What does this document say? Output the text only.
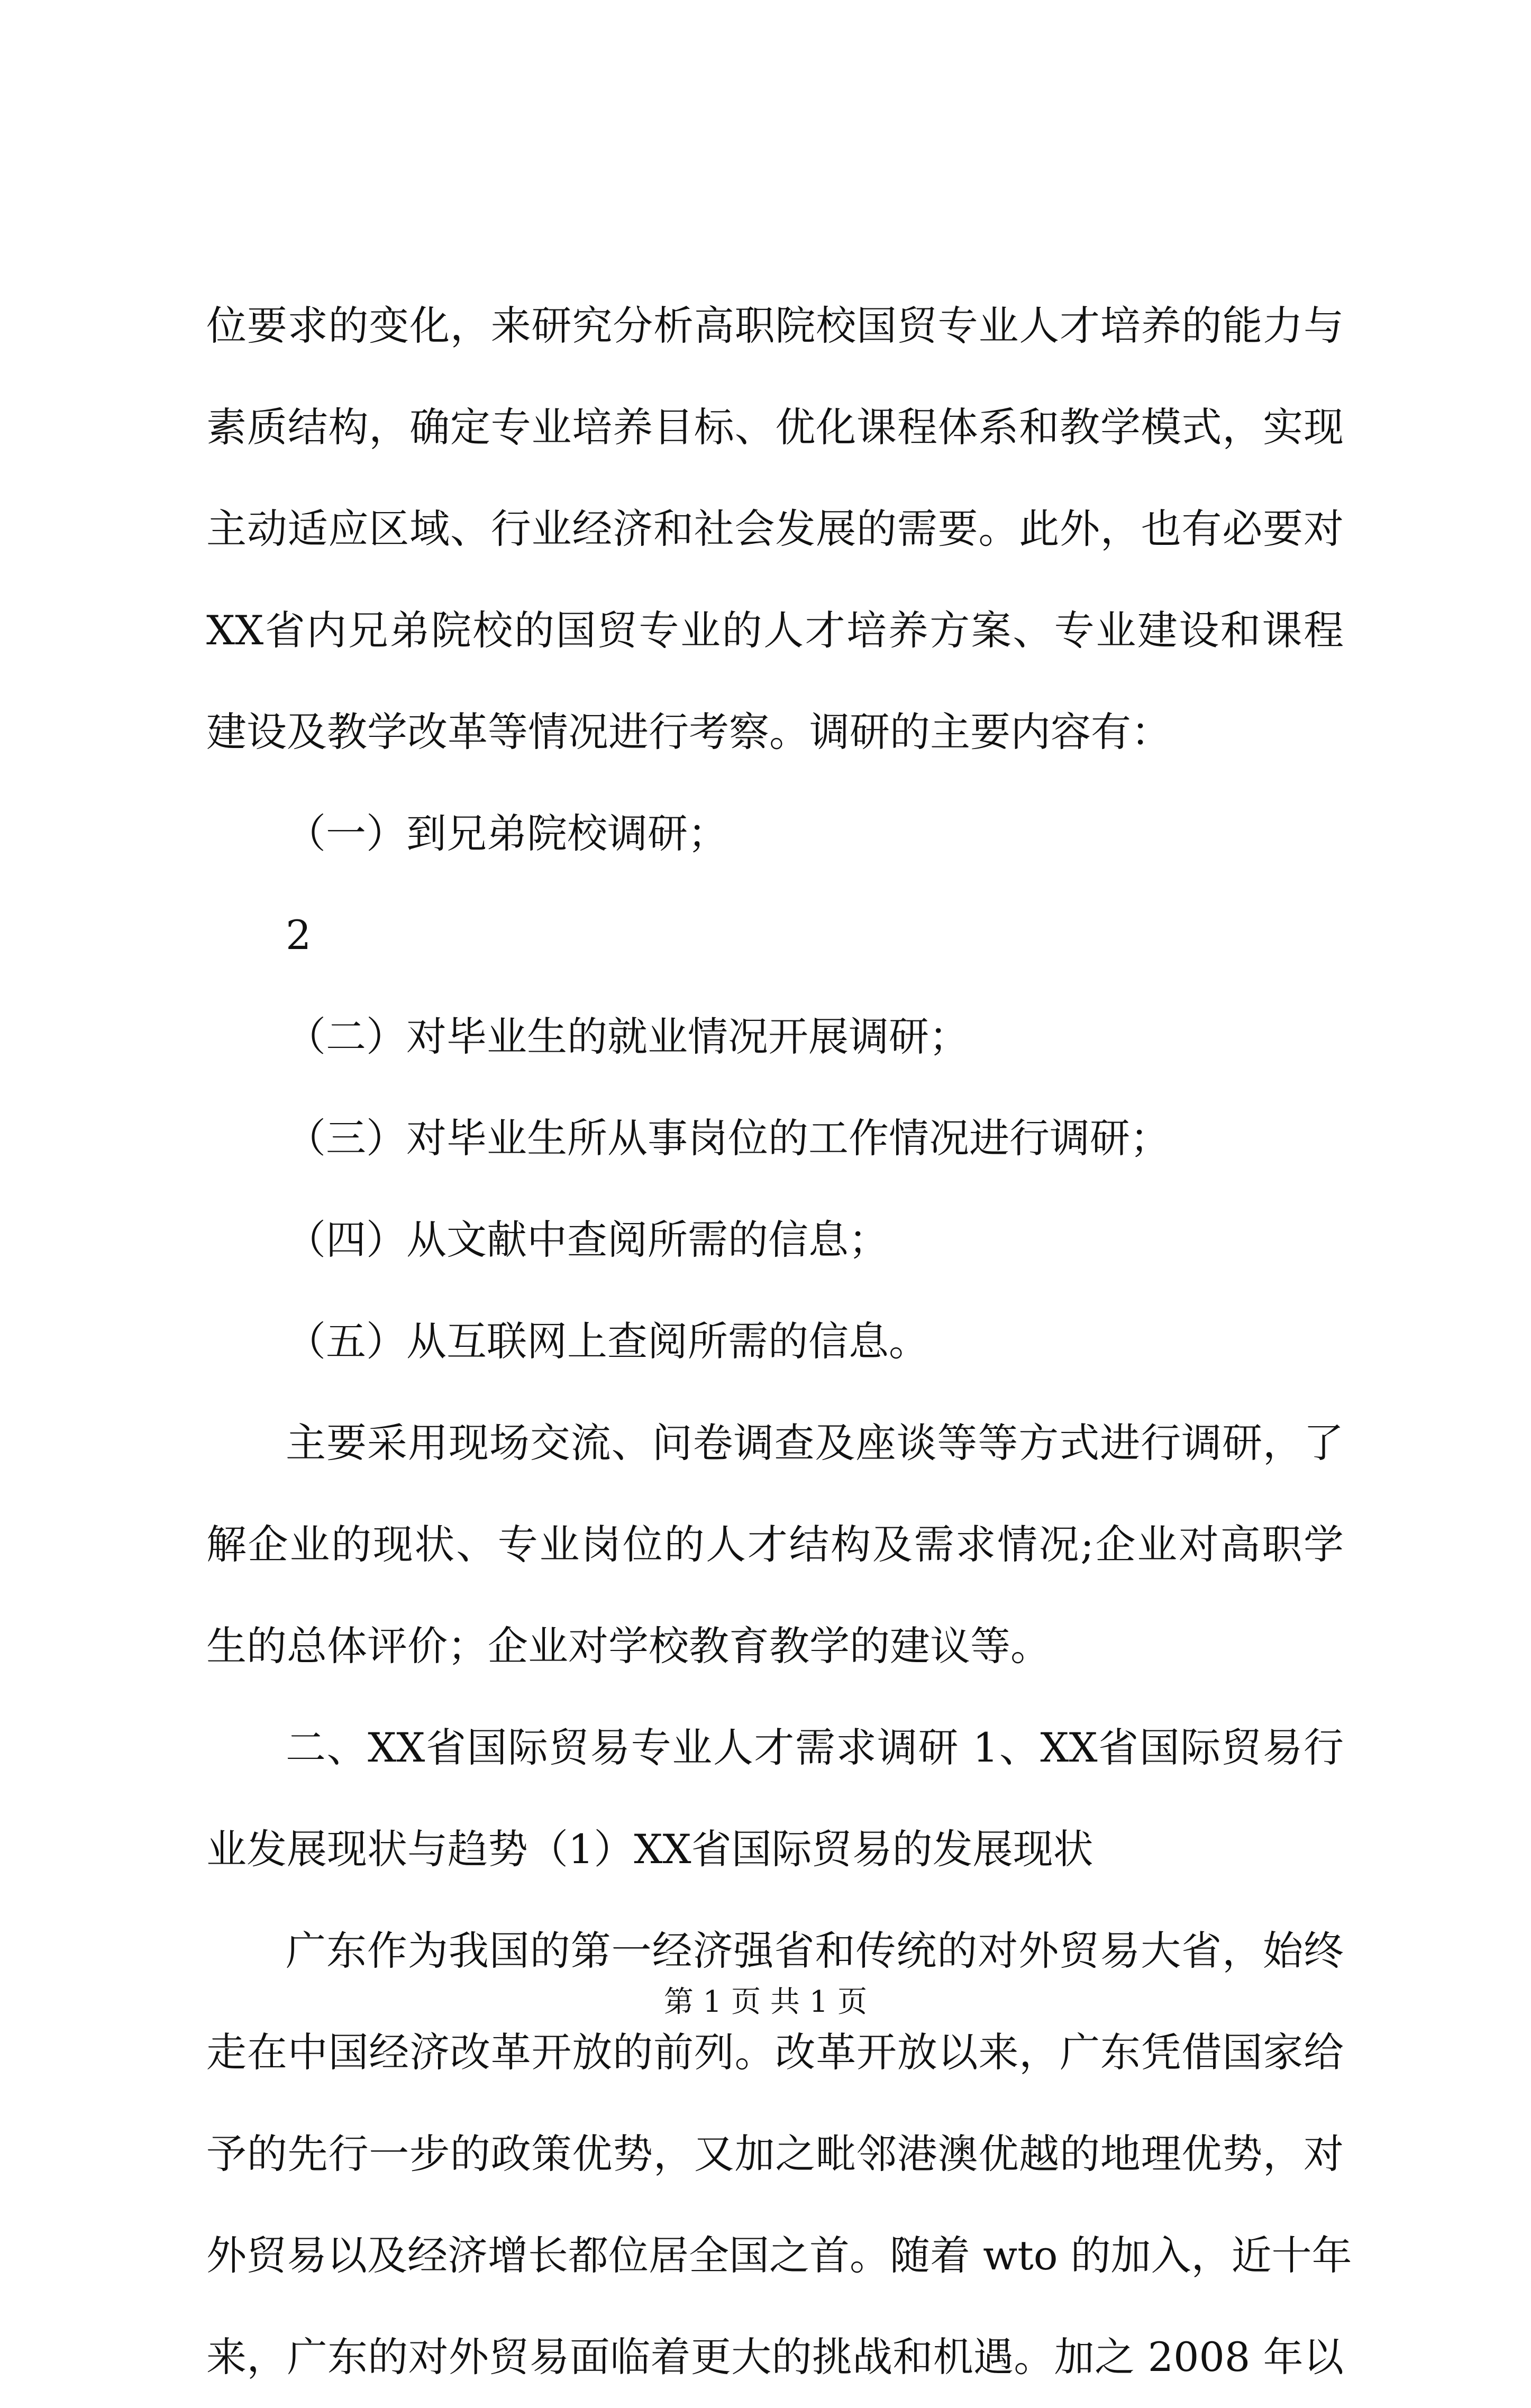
位要求的变化，来研究分析高职院校国贸专业人才培养的能力与
素质结构，确定专业培养目标、优化课程体系和教学模式，实现
主动适应区域、行业经济和社会发展的需要。此外，也有必要对
XX省内兄弟院校的国贸专业的人才培养方案、专业建设和课程
建设及教学改革等情况进行考察。调研的主要内容有：
（一）到兄弟院校调研；
2
（二）对毕业生的就业情况开展调研；
（三）对毕业生所从事岗位的工作情况进行调研；
（四）从文献中查阅所需的信息；
（五）从互联网上查阅所需的信息。
主要采用现场交流、问卷调查及座谈等等方式进行调研，了
解企业的现状、专业岗位的人才结构及需求情况;企业对高职学
生的总体评价；企业对学校教育教学的建议等。
二、XX省国际贸易专业人才需求调研 1、XX省国际贸易行
业发展现状与趋势（1）XX省国际贸易的发展现状
广东作为我国的第一经济强省和传统的对外贸易大省，始终
走在中国经济改革开放的前列。改革开放以来，广东凭借国家给
予的先行一步的政策优势，又加之毗邻港澳优越的地理优势，对
外贸易以及经济增长都位居全国之首。随着 wto 的加入，近十年
来，广东的对外贸易面临着更大的挑战和机遇。加之 2008 年以
第 1 页 共 1 页
